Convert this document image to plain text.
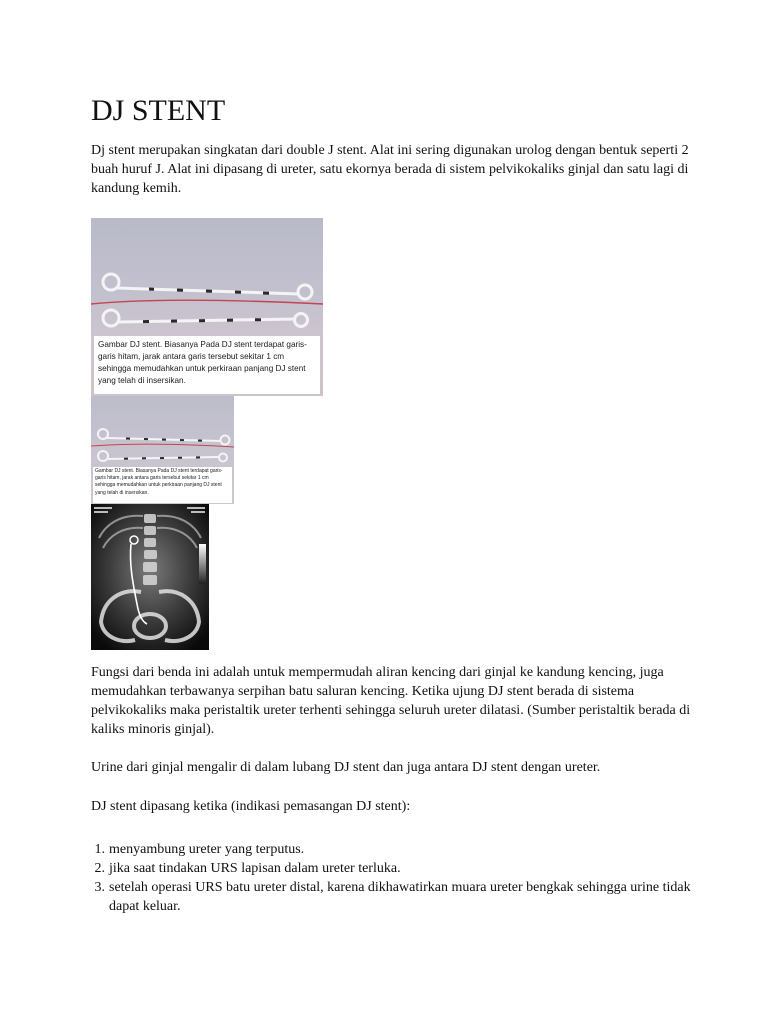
DJ STENT

Dj stent merupakan singkatan dari double J stent. Alat ini sering digunakan urolog dengan bentuk seperti 2 buah huruf J. Alat ini dipasang di ureter, satu ekornya berada di sistem pelvikokaliks ginjal dan satu lagi di kandung kemih.

Gambar DJ stent. Biasanya Pada DJ stent terdapat garis-garis hitam, jarak antara garis tersebut sekitar 1 cm sehingga memudahkan untuk perkiraan panjang DJ stent yang telah di insersikan.
Gambar DJ stent. Biasanya Pada DJ stent terdapat garis-garis hitam, jarak antara garis tersebut sekitar 1 cm sehingga memudahkan untuk perkiraan panjang DJ stent yang telah di insersikan.

Fungsi dari benda ini adalah untuk mempermudah aliran kencing dari ginjal ke kandung kencing, juga memudahkan terbawanya serpihan batu saluran kencing. Ketika ujung DJ stent berada di sistema pelvikokaliks maka peristaltik ureter terhenti sehingga seluruh ureter dilatasi. (Sumber peristaltik berada di kaliks minoris ginjal).

Urine dari ginjal mengalir di dalam lubang DJ stent dan juga antara DJ stent dengan ureter.

DJ stent dipasang ketika (indikasi pemasangan DJ stent):

1. menyambung ureter yang terputus.
2. jika saat tindakan URS lapisan dalam ureter terluka.
3. setelah operasi URS batu ureter distal, karena dikhawatirkan muara ureter bengkak sehingga urine tidak dapat keluar.
